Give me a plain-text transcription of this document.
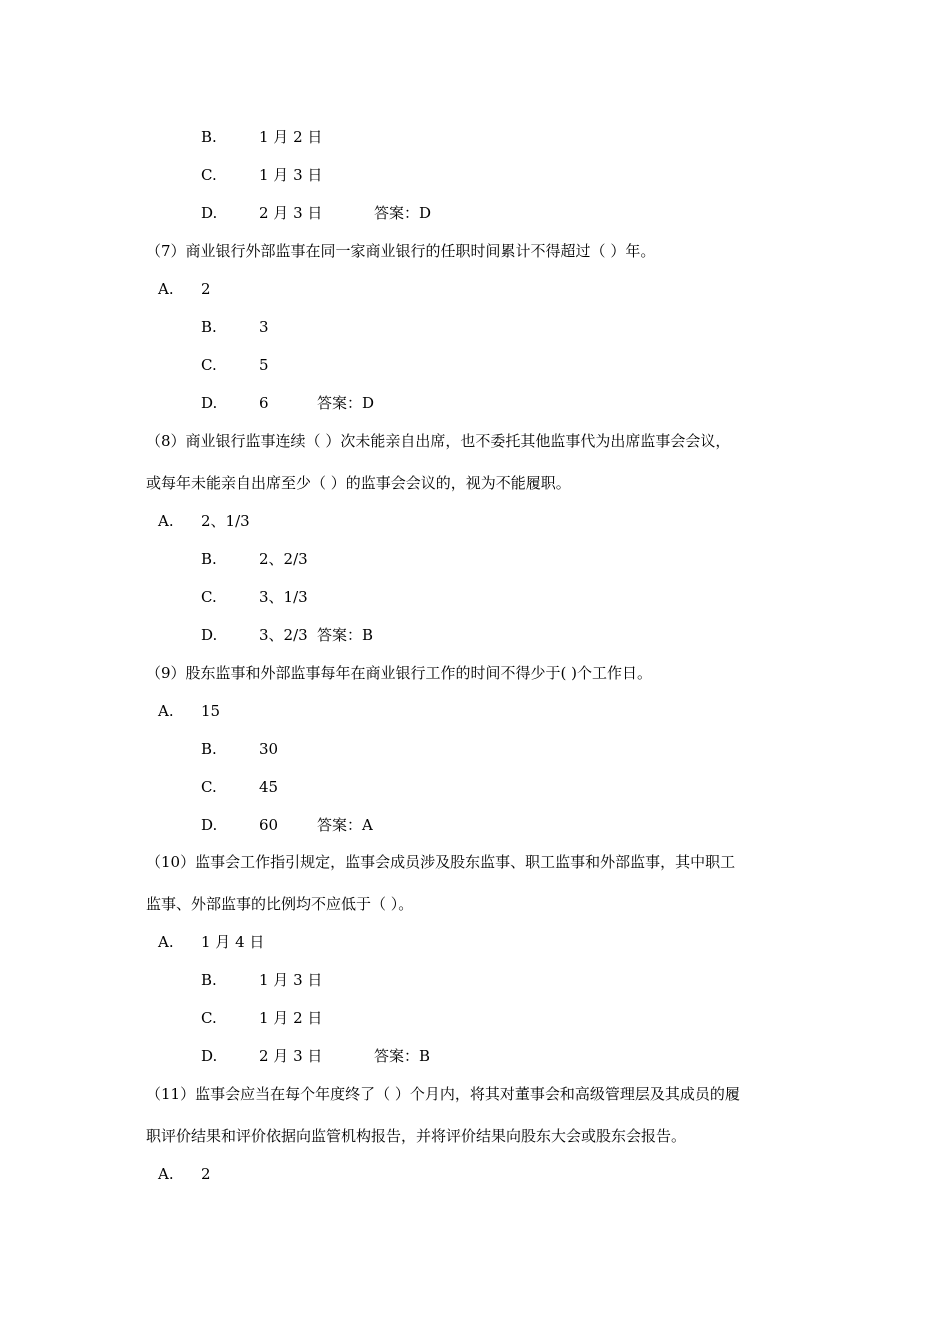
B.	1 月 2 日
C.	1 月 3 日
D.	2 月 3 日	答案：D
（7）商业银行外部监事在同一家商业银行的任职时间累计不得超过（ ）年。
A. 2
B.	3
C.	5
D.	6	答案：D
（8）商业银行监事连续（ ）次未能亲自出席，也不委托其他监事代为出席监事会会议，
或每年未能亲自出席至少（ ）的监事会会议的，视为不能履职。
A. 2、1/3
B.	2、2/3
C.	3、1/3
D.	3、2/3 答案：B
（9）股东监事和外部监事每年在商业银行工作的时间不得少于( )个工作日。
A. 15
B.	30
C.	45
D.	60	答案：A
（10）监事会工作指引规定，监事会成员涉及股东监事、职工监事和外部监事，其中职工
监事、外部监事的比例均不应低于（ ）。
A. 1 月 4 日
B.	1 月 3 日
C.	1 月 2 日
D.	2 月 3 日	答案：B
（11）监事会应当在每个年度终了（ ）个月内，将其对董事会和高级管理层及其成员的履
职评价结果和评价依据向监管机构报告，并将评价结果向股东大会或股东会报告。
A. 2
